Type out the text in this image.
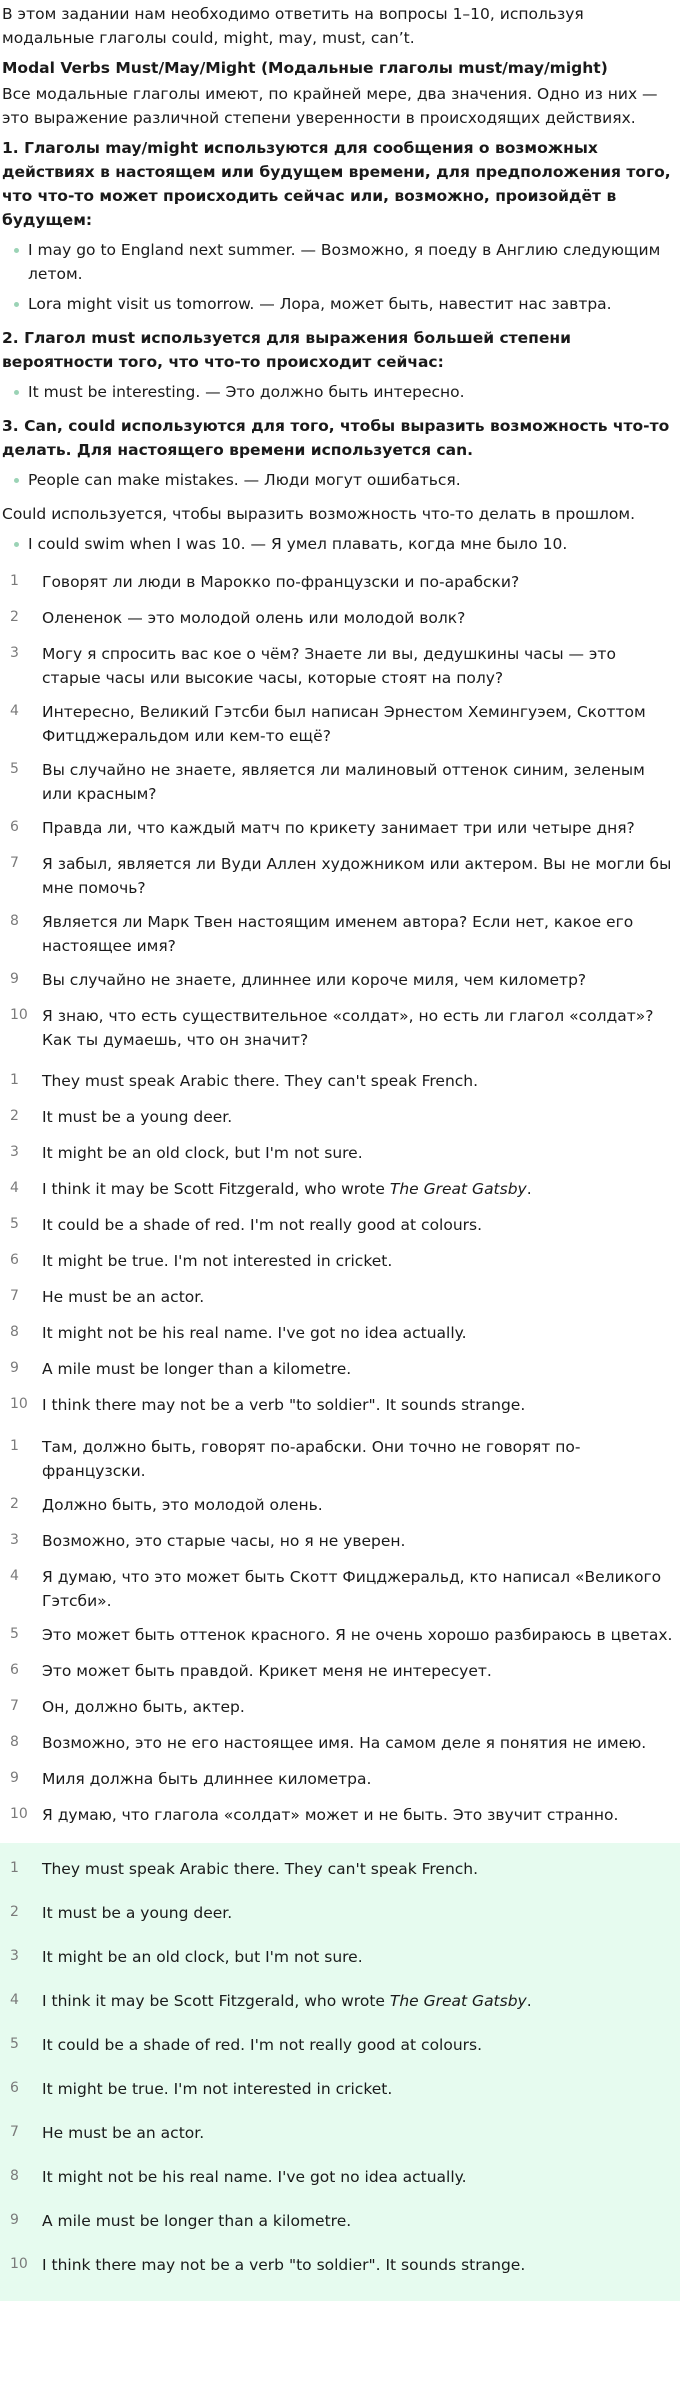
В этом задании нам необходимо ответить на вопросы 1–10, используя модальные глаголы could, might, may, must, can’t.

Modal Verbs Must/May/Might (Модальные глаголы must/may/might)

Все модальные глаголы имеют, по крайней мере, два значения. Одно из них — это выражение различной степени уверенности в происходящих действиях.

1. Глаголы may/might используются для сообщения о возможных действиях в настоящем или будущем времени, для предположения того, что что-то может происходить сейчас или, возможно, произойдёт в будущем:

I may go to England next summer. — Возможно, я поеду в Англию следующим летом.
Lora might visit us tomorrow. — Лора, может быть, навестит нас завтра.

2. Глагол must используется для выражения большей степени вероятности того, что что-то происходит сейчас:

It must be interesting. — Это должно быть интересно.

3. Can, could используются для того, чтобы выразить возможность что-то делать. Для настоящего времени используется can.

People can make mistakes. — Люди могут ошибаться.

Could используется, чтобы выразить возможность что-то делать в прошлом.

I could swim when I was 10. — Я умел плавать, когда мне было 10.
1	Говорят ли люди в Марокко по-французски и по-арабски?
2	Олененок — это молодой олень или молодой волк?
3	Могу я спросить вас кое о чём? Знаете ли вы, дедушкины часы — это старые часы или высокие часы, которые стоят на полу?
4	Интересно, Великий Гэтсби был написан Эрнестом Хемингуэем, Скоттом Фитцджеральдом или кем-то ещё?
5	Вы случайно не знаете, является ли малиновый оттенок синим, зеленым или красным?
6	Правда ли, что каждый матч по крикету занимает три или четыре дня?
7	Я забыл, является ли Вуди Аллен художником или актером. Вы не могли бы мне помочь?
8	Является ли Марк Твен настоящим именем автора? Если нет, какое его настоящее имя?
9	Вы случайно не знаете, длиннее или короче миля, чем километр?
10 Я знаю, что есть существительное «солдат», но есть ли глагол «солдат»? Как ты думаешь, что он значит?
1	They must speak Arabic there. They can't speak French.
2	It must be a young deer.
3	It might be an old clock, but I'm not sure.
4	I think it may be Scott Fitzgerald, who wrote The Great Gatsby.
5	It could be a shade of red. I'm not really good at colours.
6	It might be true. I'm not interested in cricket.
7	He must be an actor.
8	It might not be his real name. I've got no idea actually.
9	A mile must be longer than a kilometre.
10 I think there may not be a verb "to soldier". It sounds strange.
1	Там, должно быть, говорят по-арабски. Они точно не говорят по-французски.
2	Должно быть, это молодой олень.
3	Возможно, это старые часы, но я не уверен.
4	Я думаю, что это может быть Скотт Фицджеральд, кто написал «Великого Гэтсби».
5	Это может быть оттенок красного. Я не очень хорошо разбираюсь в цветах.
6	Это может быть правдой. Крикет меня не интересует.
7	Он, должно быть, актер.
8	Возможно, это не его настоящее имя. На самом деле я понятия не имею.
9	Миля должна быть длиннее километра.
10 Я думаю, что глагола «солдат» может и не быть. Это звучит странно.
1	They must speak Arabic there. They can't speak French.
2	It must be a young deer.
3	It might be an old clock, but I'm not sure.
4	I think it may be Scott Fitzgerald, who wrote The Great Gatsby.
5	It could be a shade of red. I'm not really good at colours.
6	It might be true. I'm not interested in cricket.
7	He must be an actor.
8	It might not be his real name. I've got no idea actually.
9	A mile must be longer than a kilometre.
10 I think there may not be a verb "to soldier". It sounds strange.
